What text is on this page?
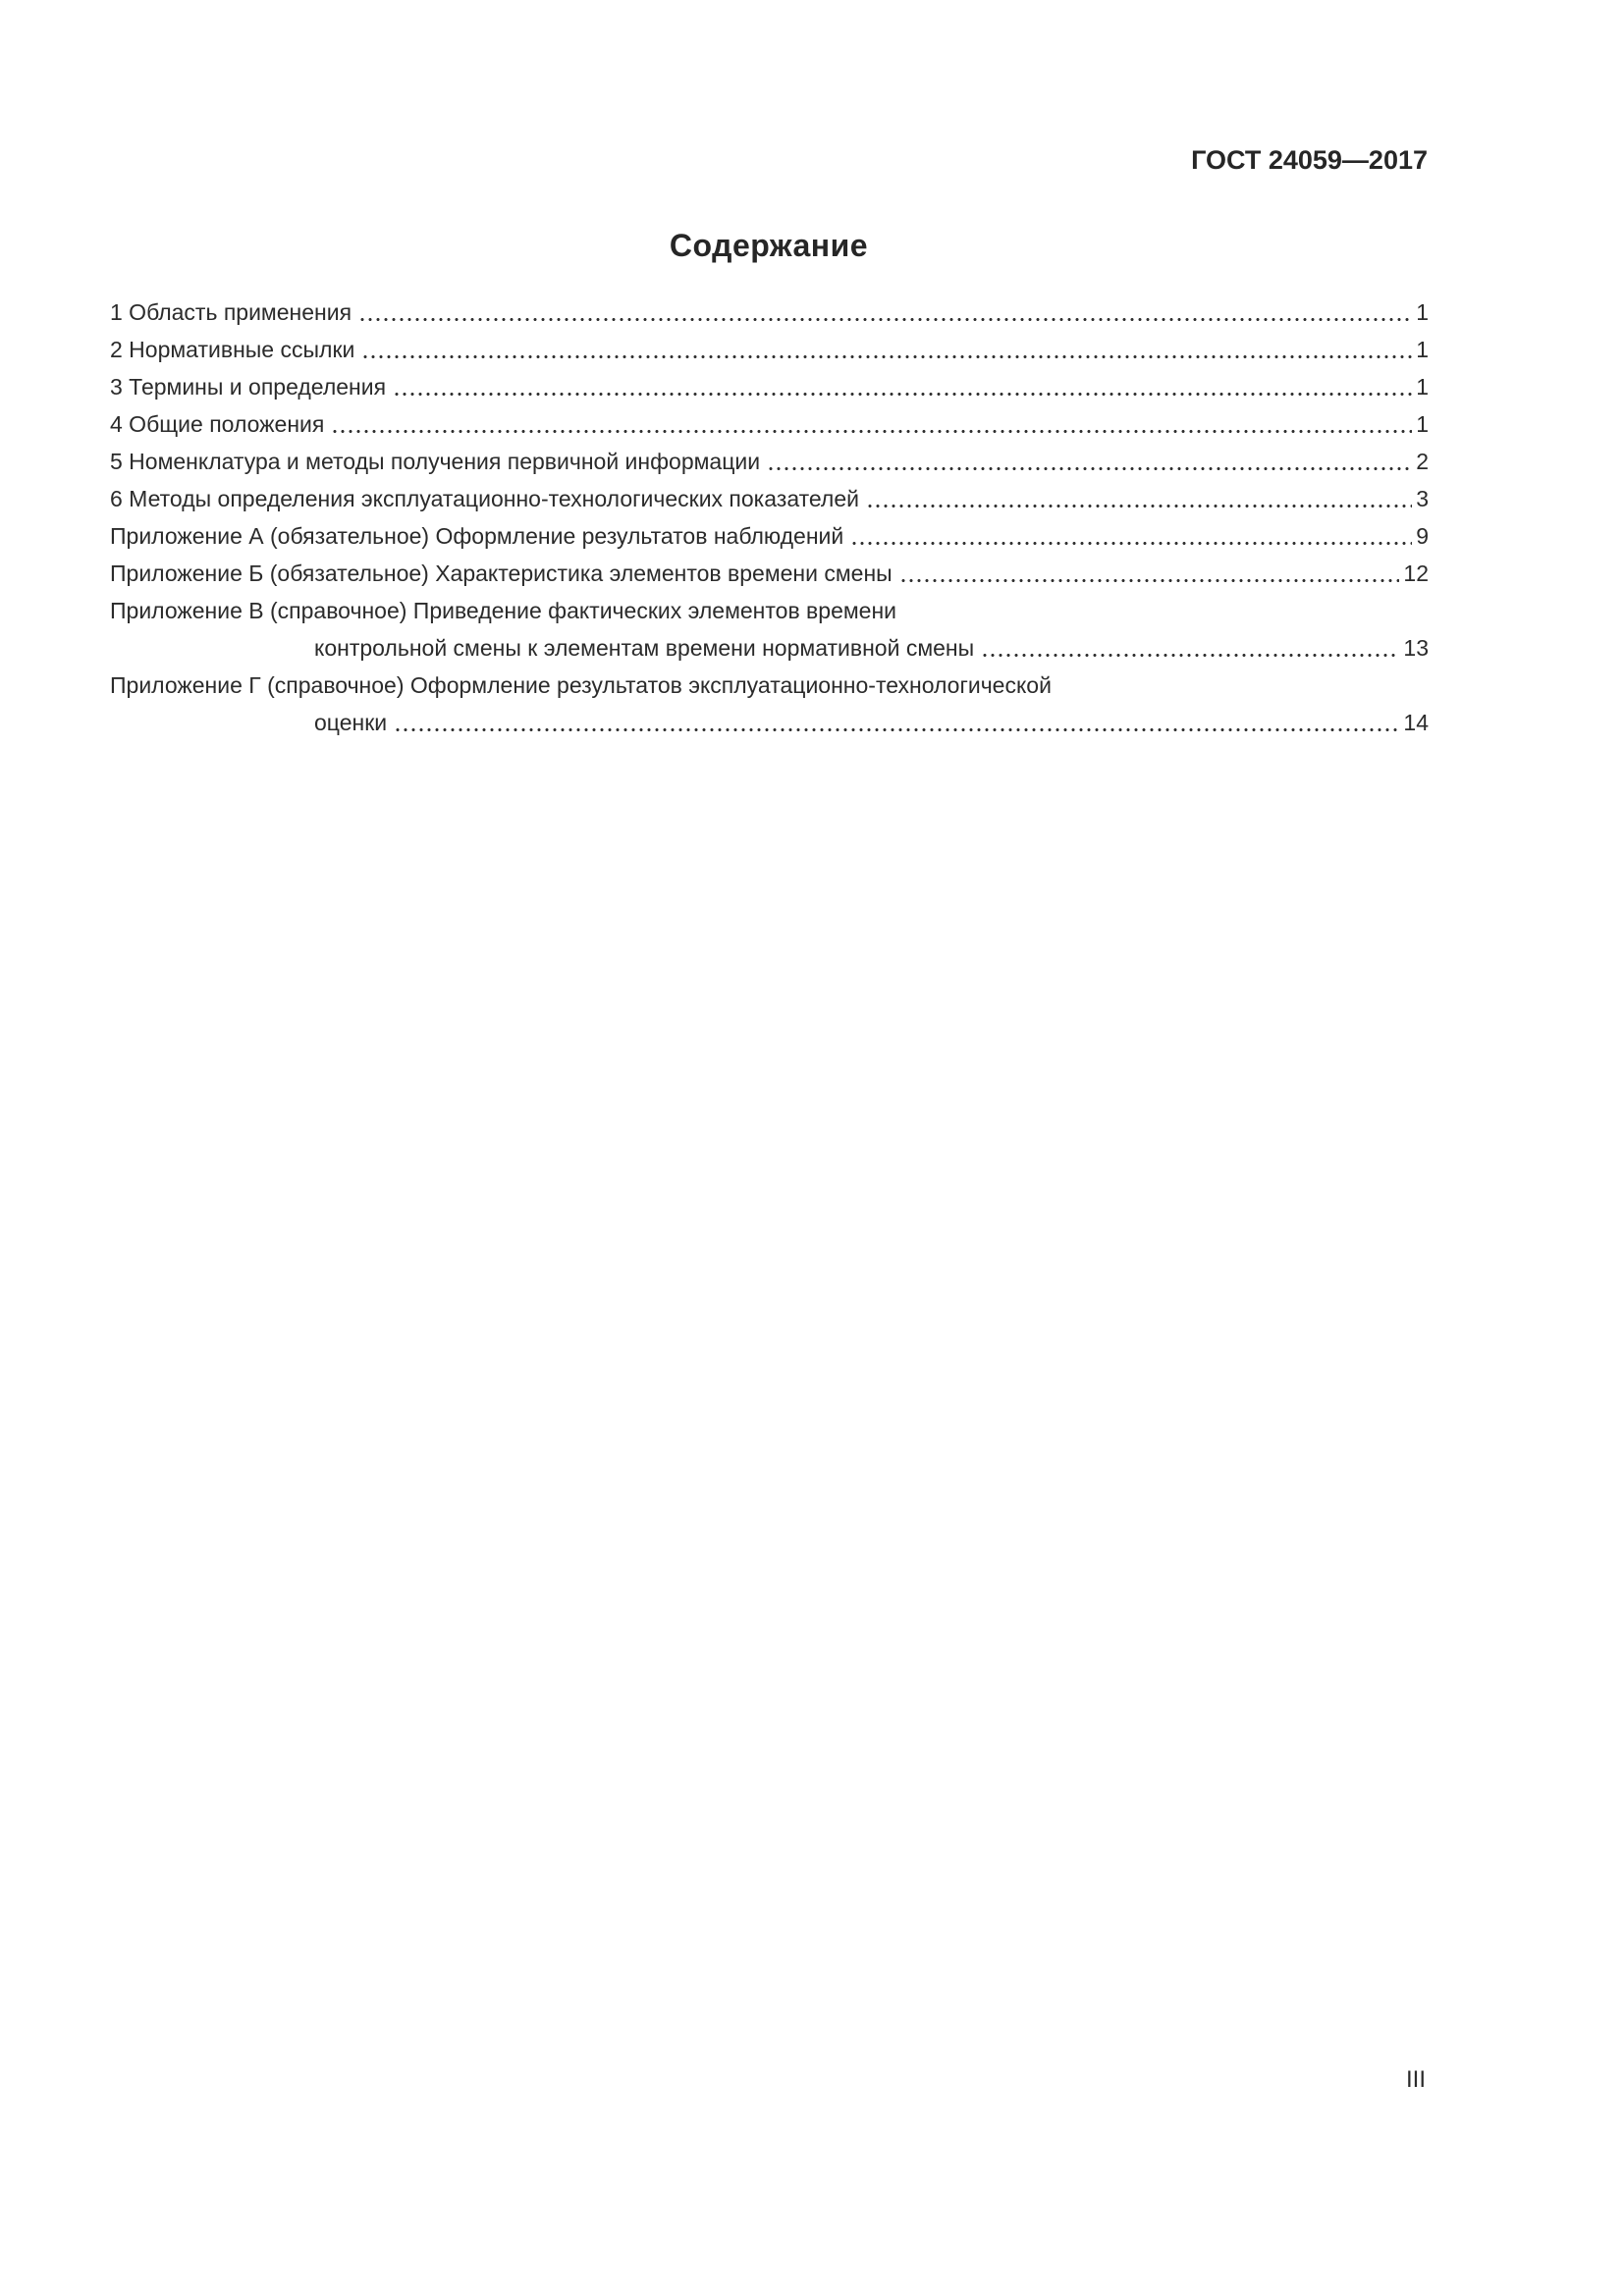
ГОСТ 24059—2017
Содержание
1 Область применения	1
2 Нормативные ссылки	1
3 Термины и определения	1
4 Общие положения	1
5 Номенклатура и методы получения первичной информации	2
6 Методы определения эксплуатационно-технологических показателей	3
Приложение А (обязательное) Оформление результатов наблюдений	9
Приложение Б (обязательное) Характеристика элементов времени смены	12
Приложение В (справочное) Приведение фактических элементов времени
контрольной смены к элементам времени нормативной смены	13
Приложение Г (справочное) Оформление результатов эксплуатационно-технологической
оценки	14
III
